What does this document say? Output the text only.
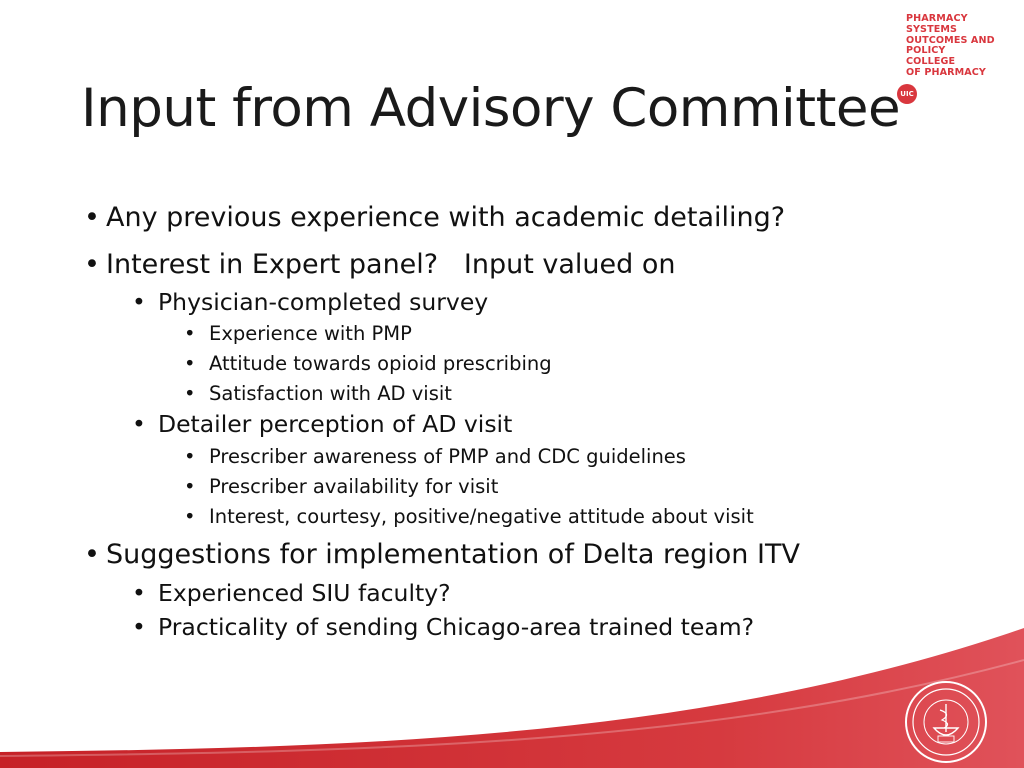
PHARMACY
SYSTEMS
OUTCOMES AND
POLICY
COLLEGE
OF PHARMACY
UIC
Input from Advisory Committee
• Any previous experience with academic detailing?
• Interest in Expert panel?   Input valued on
• Physician-completed survey
• Experience with PMP
• Attitude towards opioid prescribing
• Satisfaction with AD visit
• Detailer perception of AD visit
• Prescriber awareness of PMP and CDC guidelines
• Prescriber availability for visit
• Interest, courtesy, positive/negative attitude about visit
• Suggestions for implementation of Delta region ITV
• Experienced SIU faculty?
• Practicality of sending Chicago-area trained team?
